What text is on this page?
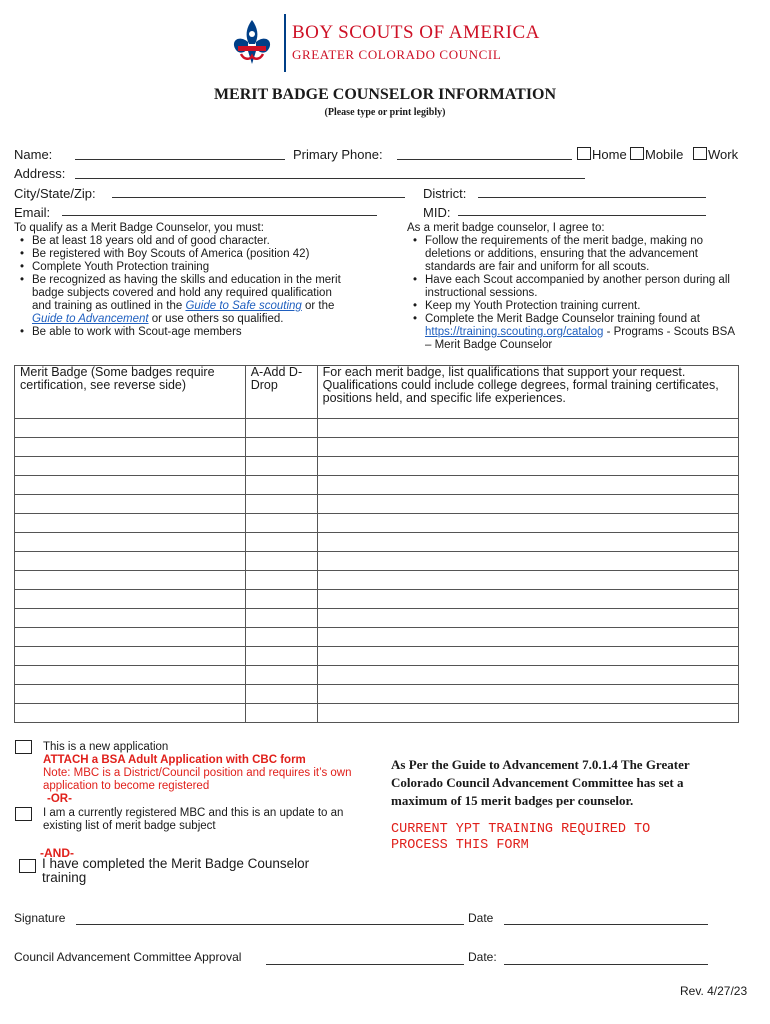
BOY SCOUTS OF AMERICA
GREATER COLORADO COUNCIL
MERIT BADGE COUNSELOR INFORMATION
(Please type or print legibly)
Name:	Primary Phone:	Home Mobile Work
Address:
City/State/Zip:	District:
Email:	MID:
To qualify as a Merit Badge Counselor, you must:
• Be at least 18 years old and of good character.
• Be registered with Boy Scouts of America (position 42)
• Complete Youth Protection training
• Be recognized as having the skills and education in the merit badge subjects covered and hold any required qualification and training as outlined in the Guide to Safe scouting or the Guide to Advancement or use others so qualified.
• Be able to work with Scout-age members
As a merit badge counselor, I agree to:
• Follow the requirements of the merit badge, making no deletions or additions, ensuring that the advancement standards are fair and uniform for all scouts.
• Have each Scout accompanied by another person during all instructional sessions.
• Keep my Youth Protection training current.
• Complete the Merit Badge Counselor training found at https://training.scouting.org/catalog - Programs - Scouts BSA – Merit Badge Counselor
Merit Badge (Some badges require certification, see reverse side)	A-Add D-Drop	For each merit badge, list qualifications that support your request. Qualifications could include college degrees, formal training certificates, positions held, and specific life experiences.

This is a new application
ATTACH a BSA Adult Application with CBC form
Note: MBC is a District/Council position and requires it’s own application to become registered
-OR-
I am a currently registered MBC and this is an update to an existing list of merit badge subject
-AND-
I have completed the Merit Badge Counselor training
As Per the Guide to Advancement 7.0.1.4 The Greater Colorado Council Advancement Committee has set a maximum of 15 merit badges per counselor.
CURRENT YPT TRAINING REQUIRED TO PROCESS THIS FORM
Signature	Date
Council Advancement Committee Approval	Date:
Rev. 4/27/23
